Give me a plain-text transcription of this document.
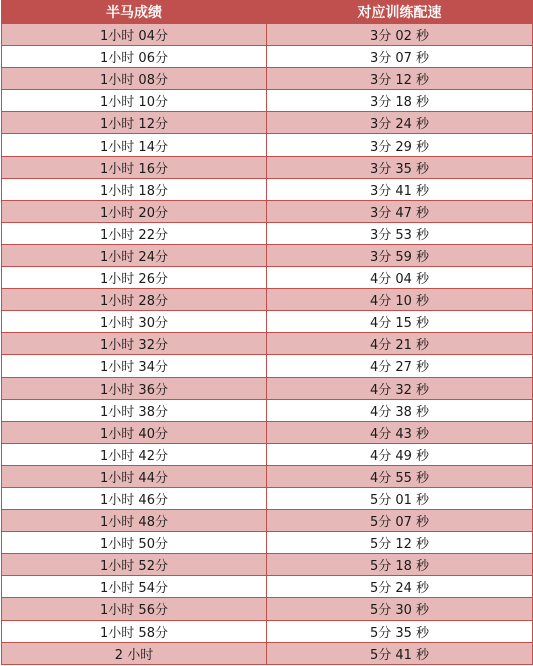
半马成绩	对应训练配速
1小时 04分	3分 02 秒
1小时 06分	3分 07 秒
1小时 08分	3分 12 秒
1小时 10分	3分 18 秒
1小时 12分	3分 24 秒
1小时 14分	3分 29 秒
1小时 16分	3分 35 秒
1小时 18分	3分 41 秒
1小时 20分	3分 47 秒
1小时 22分	3分 53 秒
1小时 24分	3分 59 秒
1小时 26分	4分 04 秒
1小时 28分	4分 10 秒
1小时 30分	4分 15 秒
1小时 32分	4分 21 秒
1小时 34分	4分 27 秒
1小时 36分	4分 32 秒
1小时 38分	4分 38 秒
1小时 40分	4分 43 秒
1小时 42分	4分 49 秒
1小时 44分	4分 55 秒
1小时 46分	5分 01 秒
1小时 48分	5分 07 秒
1小时 50分	5分 12 秒
1小时 52分	5分 18 秒
1小时 54分	5分 24 秒
1小时 56分	5分 30 秒
1小时 58分	5分 35 秒
2 小时	5分 41 秒
